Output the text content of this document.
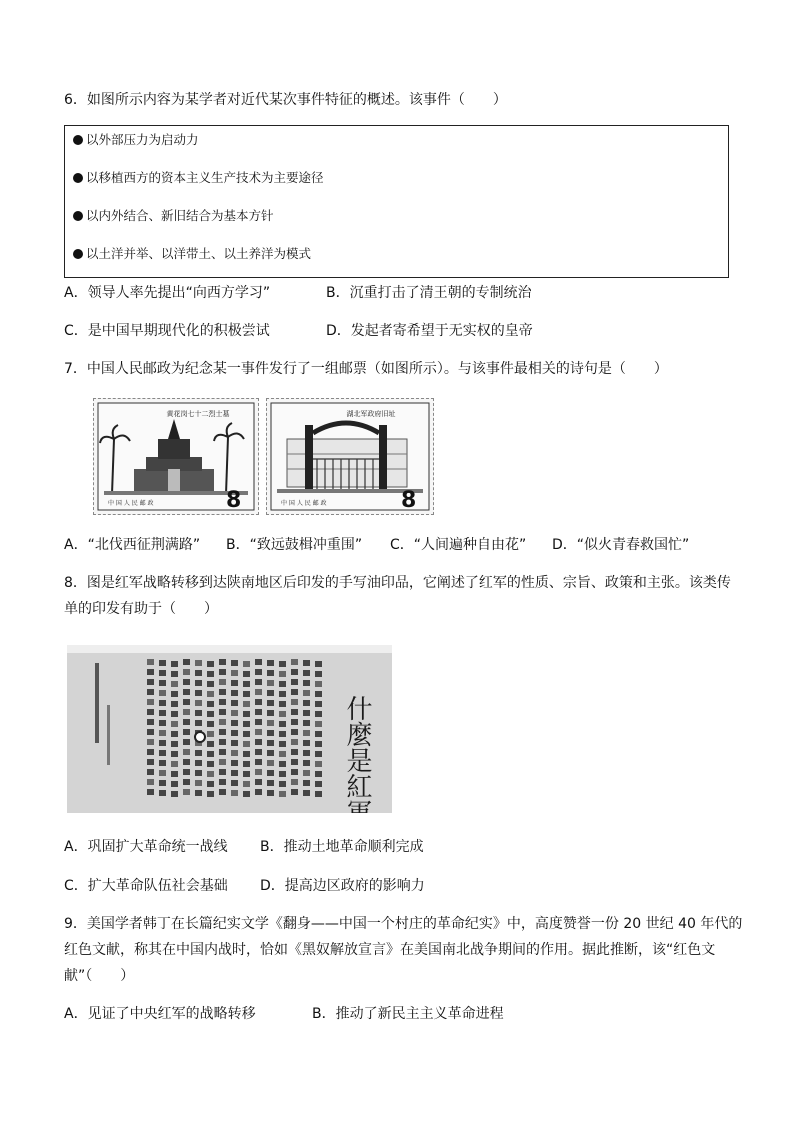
6．如图所示内容为某学者对近代某次事件特征的概述。该事件（　　）
以外部压力为启动力
以移植西方的资本主义生产技术为主要途径
以内外结合、新旧结合为基本方针
以土洋并举、以洋带土、以土养洋为模式
A．领导人率先提出“向西方学习”	B．沉重打击了清王朝的专制统治
C．是中国早期现代化的积极尝试	D．发起者寄希望于无实权的皇帝
7．中国人民邮政为纪念某一事件发行了一组邮票（如图所示）。与该事件最相关的诗句是（　　）
黄花岗七十二烈士墓
中 国 人 民 邮 政	8
湖北军政府旧址
中 国 人 民 邮 政	8
A．“北伐西征荆满路” B．“致远鼓楫冲重围” C．“人间遍种自由花” D．“似火青春救国忙”
8．图是红军战略转移到达陕南地区后印发的手写油印品，它阐述了红军的性质、宗旨、政策和主张。该类传
单的印发有助于（　　）
什麼是紅軍
A．巩固扩大革命统一战线 B．推动土地革命顺利完成
C．扩大革命队伍社会基础 D．提高边区政府的影响力
9．美国学者韩丁在长篇纪实文学《翻身——中国一个村庄的革命纪实》中，高度赞誉一份 20 世纪 40 年代的
红色文献，称其在中国内战时，恰如《黑奴解放宣言》在美国南北战争期间的作用。据此推断，该“红色文
献”（　　）
A．见证了中央红军的战略转移	B．推动了新民主主义革命进程
